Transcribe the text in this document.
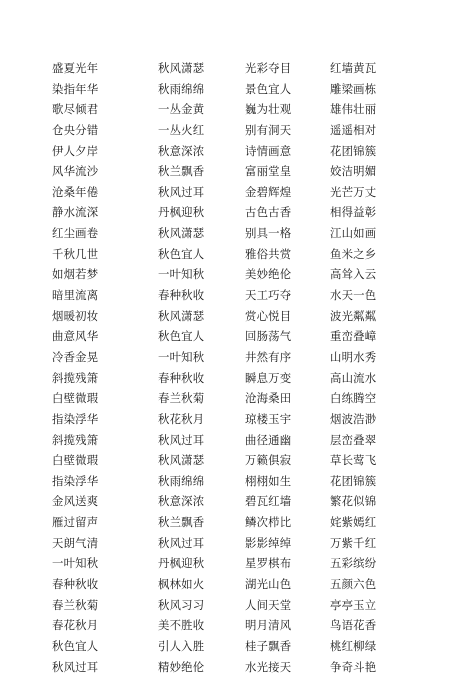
盛夏光年	秋风潇瑟	光彩夺目	红墙黄瓦
染指年华	秋雨绵绵	景色宜人	雕梁画栋
歌尽倾君	一丛金黄	巍为壮观	雄伟壮丽
仓央分错	一丛火红	别有洞天	遥遥相对
伊人夕岸	秋意深浓	诗情画意	花团锦簇
风华流沙	秋兰飘香	富丽堂皇	姣洁明媚
沧桑年倦	秋风过耳	金碧辉煌	光芒万丈
静水流深	丹枫迎秋	古色古香	相得益彰
红尘画卷	秋风潇瑟	别具一格	江山如画
千秋几世	秋色宜人	雅俗共赏	鱼米之乡
如烟若梦	一叶知秋	美妙绝伦	高耸入云
暗里流离	春种秋收	天工巧夺	水天一色
烟暖初妆	秋风潇瑟	赏心悦目	波光粼粼
曲意风华	秋色宜人	回肠荡气	重峦叠嶂
冷香金晃	一叶知秋	井然有序	山明水秀
斜揽残箫	春种秋收	瞬息万变	高山流水
白壁微瑕	春兰秋菊	沧海桑田	白练腾空
指染浮华	秋花秋月	琼楼玉宇	烟波浩渺
斜揽残箫	秋风过耳	曲径通幽	层峦叠翠
白壁微瑕	秋风潇瑟	万籁俱寂	草长莺飞
指染浮华	秋雨绵绵	栩栩如生	花团锦簇
金风送爽	秋意深浓	碧瓦红墙	繁花似锦
雁过留声	秋兰飘香	鳞次栉比	姹紫嫣红
天朗气清	秋风过耳	影影绰绰	万紫千红
一叶知秋	丹枫迎秋	星罗棋布	五彩缤纷
春种秋收	枫林如火	湖光山色	五颜六色
春兰秋菊	秋风习习	人间天堂	亭亭玉立
春花秋月	美不胜收	明月清风	鸟语花香
秋色宜人	引人入胜	桂子飘香	桃红柳绿
秋风过耳	精妙绝伦	水光接天	争奇斗艳
